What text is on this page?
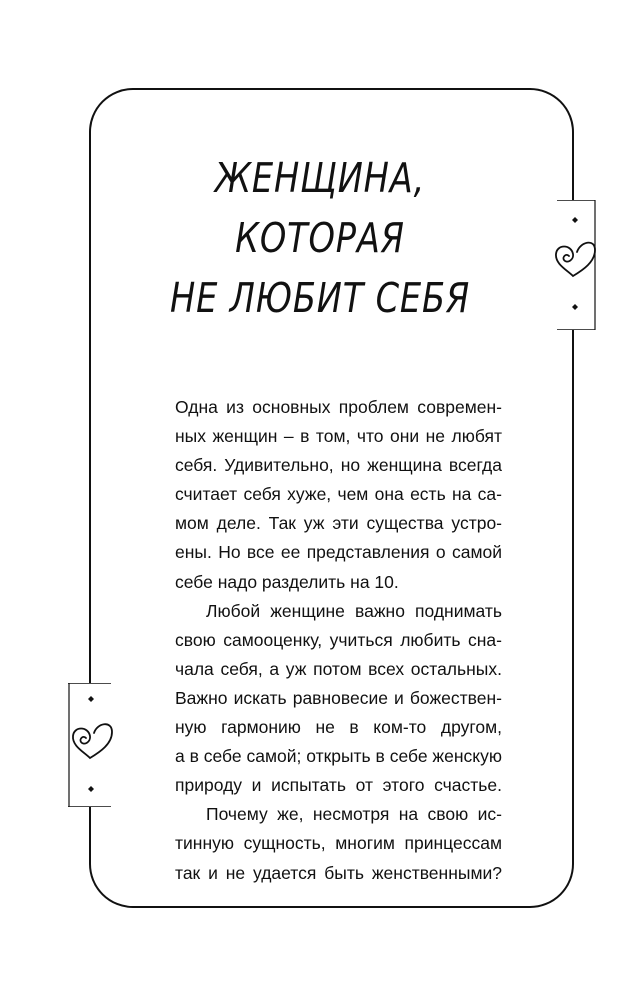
ЖЕНЩИНА,
КОТОРАЯ
НЕ ЛЮБИТ СЕБЯ
Одна из основных проблем современ-
ных женщин – в том, что они не любят
себя. Удивительно, но женщина всегда
считает себя хуже, чем она есть на са-
мом деле. Так уж эти существа устро-
ены. Но все ее представления о самой
себе надо разделить на 10.
Любой женщине важно поднимать
свою самооценку, учиться любить сна-
чала себя, а уж потом всех остальных.
Важно искать равновесие и божествен-
ную гармонию не в ком-то другом,
а в себе самой; открыть в себе женскую
природу и испытать от этого счастье.
Почему же, несмотря на свою ис-
тинную сущность, многим принцессам
так и не удается быть женственными?
